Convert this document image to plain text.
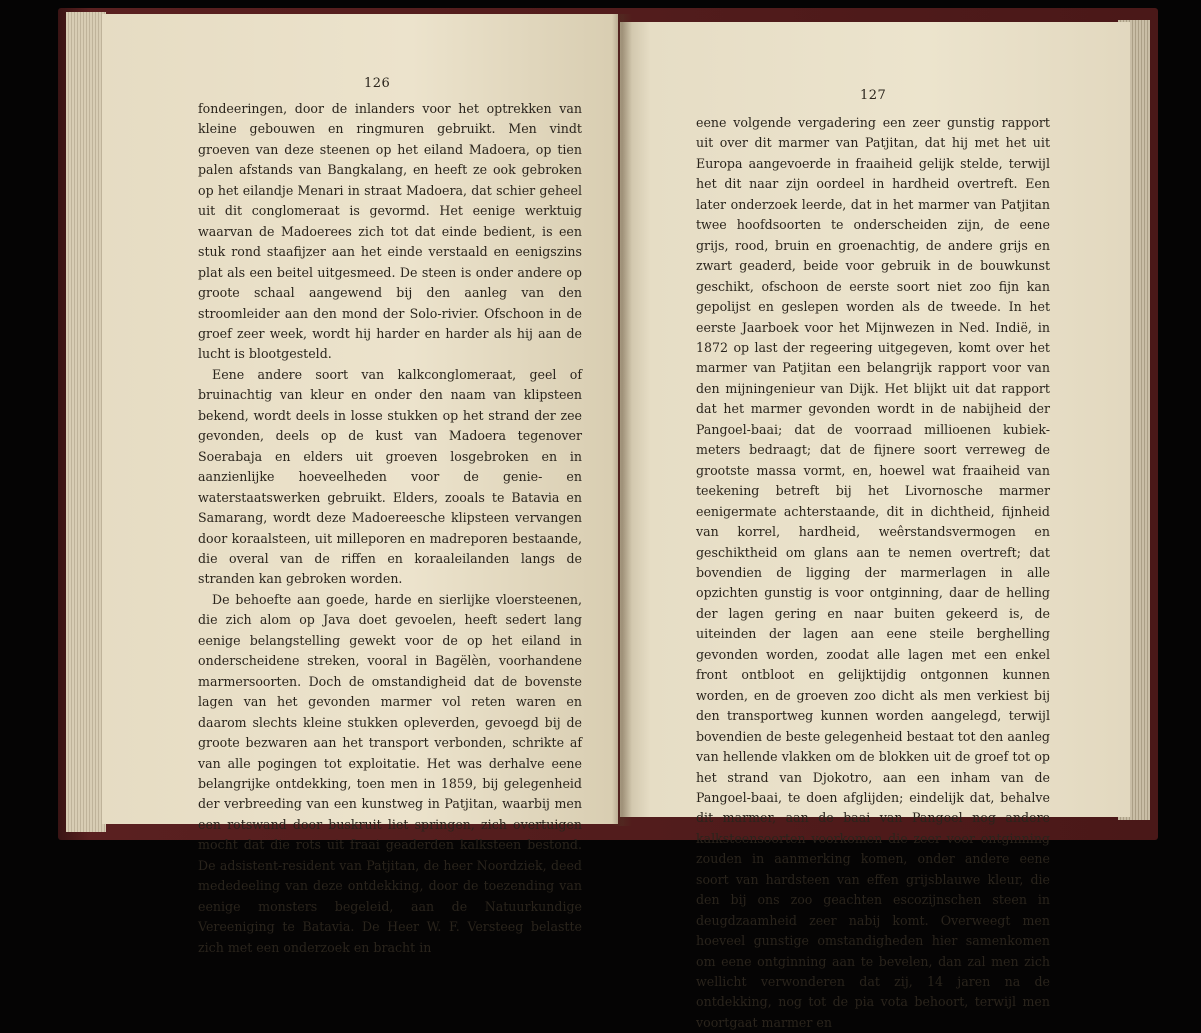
126

fondeeringen, door de inlanders voor het optrekken van kleine gebouwen en ringmuren gebruikt. Men vindt groeven van deze steenen op het eiland Madoera, op tien palen afstands van Bangkalang, en heeft ze ook gebroken op het eilandje Menari in straat Madoera, dat schier geheel uit dit conglomeraat is gevormd. Het eenige werktuig waarvan de Madoerees zich tot dat einde bedient, is een stuk rond staafijzer aan het einde verstaald en eenigszins plat als een beitel uitgesmeed. De steen is onder andere op groote schaal aangewend bij den aanleg van den stroomleider aan den mond der Solo-rivier. Ofschoon in de groef zeer week, wordt hij harder en harder als hij aan de lucht is blootgesteld.

Eene andere soort van kalkconglomeraat, geel of bruinachtig van kleur en onder den naam van klipsteen bekend, wordt deels in losse stukken op het strand der zee gevonden, deels op de kust van Madoera tegenover Soerabaja en elders uit groeven losgebroken en in aanzienlijke hoeveelheden voor de genie- en waterstaatswerken gebruikt. Elders, zooals te Batavia en Samarang, wordt deze Madoereesche klipsteen vervangen door koraalsteen, uit milleporen en madreporen bestaande, die overal van de riffen en koraaleilanden langs de stranden kan gebroken worden.

De behoefte aan goede, harde en sierlijke vloersteenen, die zich alom op Java doet gevoelen, heeft sedert lang eenige belangstelling gewekt voor de op het eiland in onderscheidene streken, vooral in Bagëlèn, voorhandene marmersoorten. Doch de omstandigheid dat de bovenste lagen van het gevonden marmer vol reten waren en daarom slechts kleine stukken opleverden, gevoegd bij de groote bezwaren aan het transport verbonden, schrikte af van alle pogingen tot exploitatie. Het was derhalve eene belangrijke ontdekking, toen men in 1859, bij gelegenheid der verbreeding van een kunstweg in Patjitan, waarbij men een rotswand door buskruit liet springen, zich overtuigen mocht dat die rots uit fraai geaderden kalksteen bestond. De adsistent-resident van Patjitan, de heer Noordziek, deed mededeeling van deze ontdekking, door de toezending van eenige monsters begeleid, aan de Natuurkundige Vereeniging te Batavia. De Heer W. F. Versteeg belastte zich met een onderzoek en bracht in

127

eene volgende vergadering een zeer gunstig rapport uit over dit marmer van Patjitan, dat hij met het uit Europa aangevoerde in fraaiheid gelijk stelde, terwijl het dit naar zijn oordeel in hardheid overtreft. Een later onderzoek leerde, dat in het marmer van Patjitan twee hoofdsoorten te onderscheiden zijn, de eene grijs, rood, bruin en groenachtig, de andere grijs en zwart geaderd, beide voor gebruik in de bouwkunst geschikt, ofschoon de eerste soort niet zoo fijn kan gepolijst en geslepen worden als de tweede. In het eerste Jaarboek voor het Mijnwezen in Ned. Indië, in 1872 op last der regeering uitgegeven, komt over het marmer van Patjitan een belangrijk rapport voor van den mijningenieur van Dijk. Het blijkt uit dat rapport dat het marmer gevonden wordt in de nabijheid der Pangoel-baai; dat de voorraad millioenen kubiek-meters bedraagt; dat de fijnere soort verreweg de grootste massa vormt, en, hoewel wat fraaiheid van teekening betreft bij het Livornosche marmer eenigermate achterstaande, dit in dichtheid, fijnheid van korrel, hardheid, weêrstandsvermogen en geschiktheid om glans aan te nemen overtreft; dat bovendien de ligging der marmerlagen in alle opzichten gunstig is voor ontginning, daar de helling der lagen gering en naar buiten gekeerd is, de uiteinden der lagen aan eene steile berghelling gevonden worden, zoodat alle lagen met een enkel front ontbloot en gelijktijdig ontgonnen kunnen worden, en de groeven zoo dicht als men verkiest bij den transportweg kunnen worden aangelegd, terwijl bovendien de beste gelegenheid bestaat tot den aanleg van hellende vlakken om de blokken uit de groef tot op het strand van Djokotro, aan een inham van de Pangoel-baai, te doen afglijden; eindelijk dat, behalve dit marmer, aan de baai van Pangoel nog andere kalksteensoorten voorkomen die zeer voor ontginning zouden in aanmerking komen, onder andere eene soort van hardsteen van effen grijsblauwe kleur, die den bij ons zoo geachten escozijnschen steen in deugdzaamheid zeer nabij komt. Overweegt men hoeveel gunstige omstandigheden hier samenkomen om eene ontginning aan te bevelen, dan zal men zich wellicht verwonderen dat zij, 14 jaren na de ontdekking, nog tot de pia vota behoort, terwijl men voortgaat marmer en
